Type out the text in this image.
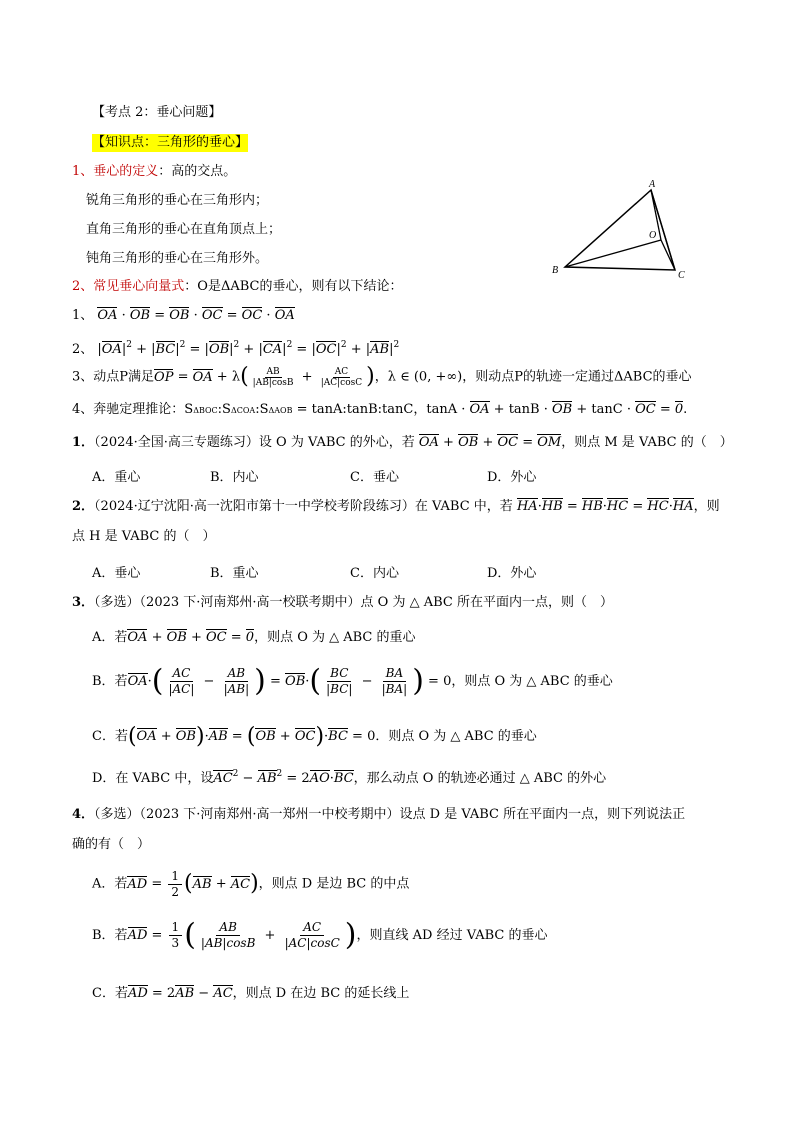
【考点 2：垂心问题】
【知识点：三角形的垂心】
1、垂心的定义：高的交点。
锐角三角形的垂心在三角形内；
直角三角形的垂心在直角顶点上；
钝角三角形的垂心在三角形外。
A
B	C
O
2、常见垂心向量式：O是ΔABC的垂心，则有以下结论：
1、 OA · OB = OB · OC = OC · OA
2、 $|OA|^2 + |BC|^2 = |OB|^2 + |CA|^2 = |OC|^2 + |AB|^2$
3、动点P满足OP = OA + $\lambda( \frac{AB}{|AB|\cos B} + \frac{AC}{|AC|\cos C}$ )，λ ∈ (0, +∞)，则动点P的轨迹一定通过ΔABC的垂心
4、奔驰定理推论：SΔBOC:SΔCOA:SΔAOB = tanA:tanB:tanC，tanA · OA + tanB · OB + tanC · OC = 0.
1．（2024·全国·高三专题练习）设 O 为 VABC 的外心，若 OA + OB + OC = OM，则点 M 是 VABC 的（　）
A．重心	B．内心	C．垂心	D．外心
2．（2024·辽宁沈阳·高一沈阳市第十一中学校考阶段练习）在 VABC 中，若 HA·HB = HB·HC = HC·HA，则
点 H 是 VABC 的（　）
A．垂心	B．重心	C．内心	D．外心
3．（多选）（2023 下·河南郑州·高一校联考期中）点 O 为 △ ABC 所在平面内一点，则（　）
A．若OA + OB + OC = 0，则点 O 为 △ ABC 的重心
B．若$OA\cdot( \frac{AC}{|AC|} - \frac{AB}{|AB|}$ ) = $OB\cdot( \frac{BC}{|BC|} - \frac{BA}{|BA|}$ ) = 0，则点 O 为 △ ABC 的垂心
C．若(OA + OB)·AB = (OB + OC)·BC = 0．则点 O 为 △ ABC 的垂心
D．在 VABC 中，设$AC^2 - AB^2 = 2AO\cdot BC$，那么动点 O 的轨迹必通过 △ ABC 的外心
4．（多选）（2023 下·河南郑州·高一郑州一中校考期中）设点 D 是 VABC 所在平面内一点，则下列说法正
确的有（　）
A．若AD = $\frac{1}{2} (AB + AC)$，则点 D 是边 BC 的中点
B．若AD = $\frac{1}{3}$ ( $\frac{AB}{|AB|\cos B} + \frac{AC}{|AC|\cos C}$ )，则直线 AD 经过 VABC 的垂心
C．若AD = 2AB − AC，则点 D 在边 BC 的延长线上
